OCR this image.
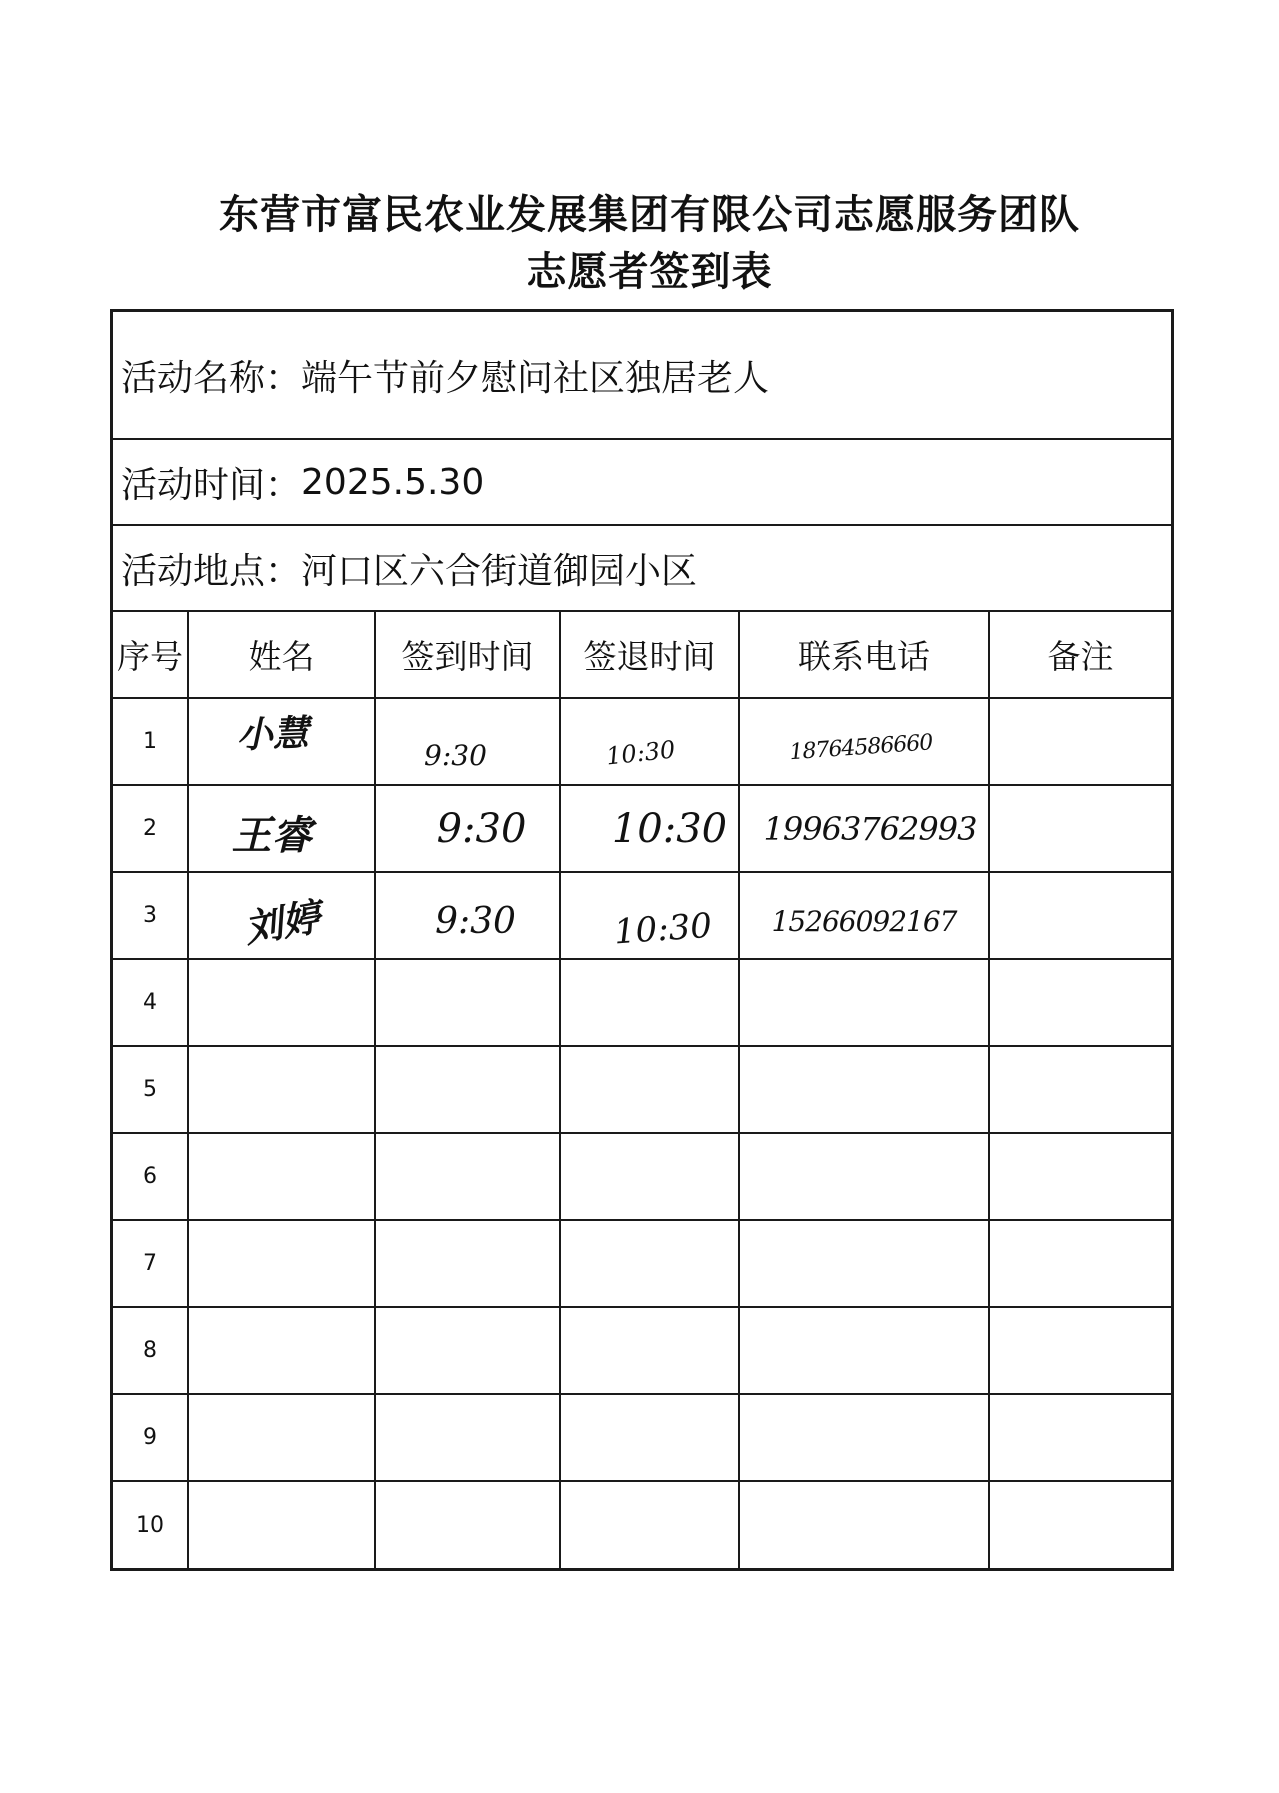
东营市富民农业发展集团有限公司志愿服务团队
志愿者签到表
活动名称： 端午节前夕慰问社区独居老人
活动时间： 2025.5.30
活动地点： 河口区六合街道御园小区
序号	姓名	签到时间	签退时间	联系电话	备注
1	小慧	9:30	10:30	18764586660	
2	王睿	9:30	10:30	19963762993	
3	刘婷	9:30	10:30	15266092167	
4					
5					
6					
7					
8					
9					
10					
